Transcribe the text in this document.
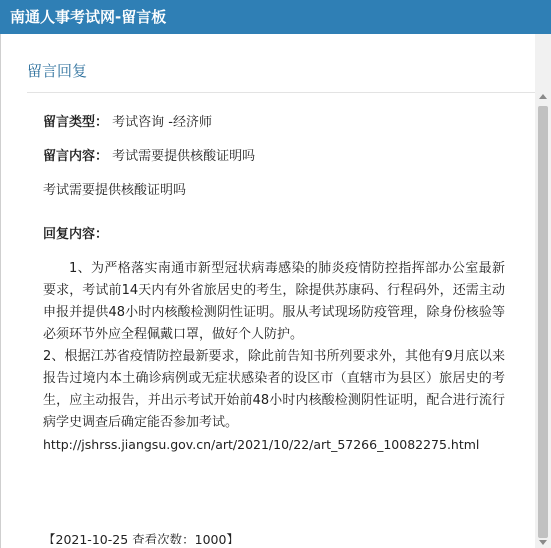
南通人事考试网-留言板
留言回复
留言类型： 考试咨询 -经济师
留言内容： 考试需要提供核酸证明吗
考试需要提供核酸证明吗
回复内容：
1、为严格落实南通市新型冠状病毒感染的肺炎疫情防控指挥部办公室最新要求，考试前14天内有外省旅居史的考生，除提供苏康码、行程码外，还需主动申报并提供48小时内核酸检测阴性证明。服从考试现场防疫管理，除身份核验等必须环节外应全程佩戴口罩，做好个人防护。
2、根据江苏省疫情防控最新要求，除此前告知书所列要求外，其他有9月底以来报告过境内本土确诊病例或无症状感染者的设区市（直辖市为县区）旅居史的考生，应主动报告，并出示考试开始前48小时内核酸检测阴性证明，配合进行流行病学史调查后确定能否参加考试。
http://jshrss.jiangsu.gov.cn/art/2021/10/22/art_57266_10082275.html
【2021-10-25 查看次数：1000】
